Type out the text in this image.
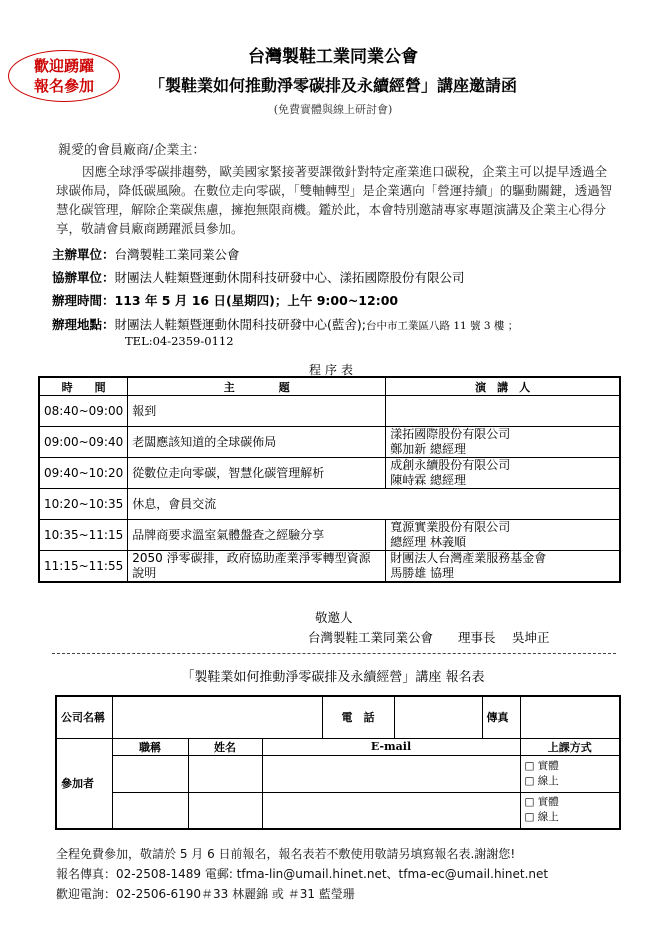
歡迎踴躍
報名參加
台灣製鞋工業同業公會
「製鞋業如何推動淨零碳排及永續經營」講座邀請函
(免費實體與線上研討會)
親愛的會員廠商/企業主：
因應全球淨零碳排趨勢，歐美國家緊接著要課徵針對特定產業進口碳稅，企業主可以提早透過全球碳佈局，降低碳風險。在數位走向零碳，「雙軸轉型」是企業邁向「營運持續」的驅動關鍵，透過智慧化碳管理，解除企業碳焦慮，擁抱無限商機。鑑於此，本會特別邀請專家專題演講及企業主心得分享，敬請會員廠商踴躍派員參加。
主辦單位：台灣製鞋工業同業公會
協辦單位：財團法人鞋類暨運動休閒科技研發中心、漾拓國際股份有限公司
辦理時間：113 年 5 月 16 日(星期四)；上午 9:00~12:00
辦理地點：財團法人鞋類暨運動休閒科技研發中心(藍舍);台中市工業區八路 11 號 3 樓 ；
TEL:04-2359-0112
程序表
時　　間	主　　　　題	演　講　人
08:40~09:00	報到	
09:00~09:40	老闆應該知道的全球碳佈局	漾拓國際股份有限公司
鄭加新 總經理

09:40~10:20	從數位走向零碳，智慧化碳管理解析	成創永續股份有限公司
陳峙霖 總經理

10:20~10:35	休息，會員交流	
10:35~11:15	品牌商要求溫室氣體盤查之經驗分享	寬源實業股份有限公司
總經理 林義順

11:15~11:55	2050 淨零碳排，政府協助產業淨零轉型資源說明	財團法人台灣產業服務基金會
馬勝雄 協理
敬邀人
台灣製鞋工業同業公會　　理事長　 吳坤正
「製鞋業如何推動淨零碳排及永續經營」講座 報名表
公司名稱				電　話		傳真	
參加者	職稱	姓名	E-mail				上課方式

							□ 實體
□ 線上

							□ 實體
□ 線上
全程免費參加，敬請於 5 月 6 日前報名，報名表若不敷使用敬請另填寫報名表.謝謝您!
報名傳真：02-2508-1489 電郵: tfma-lin@umail.hinet.net、tfma-ec@umail.hinet.net
歡迎電詢：02-2506-6190＃33 林麗錦 或 ＃31 藍瑩珊
